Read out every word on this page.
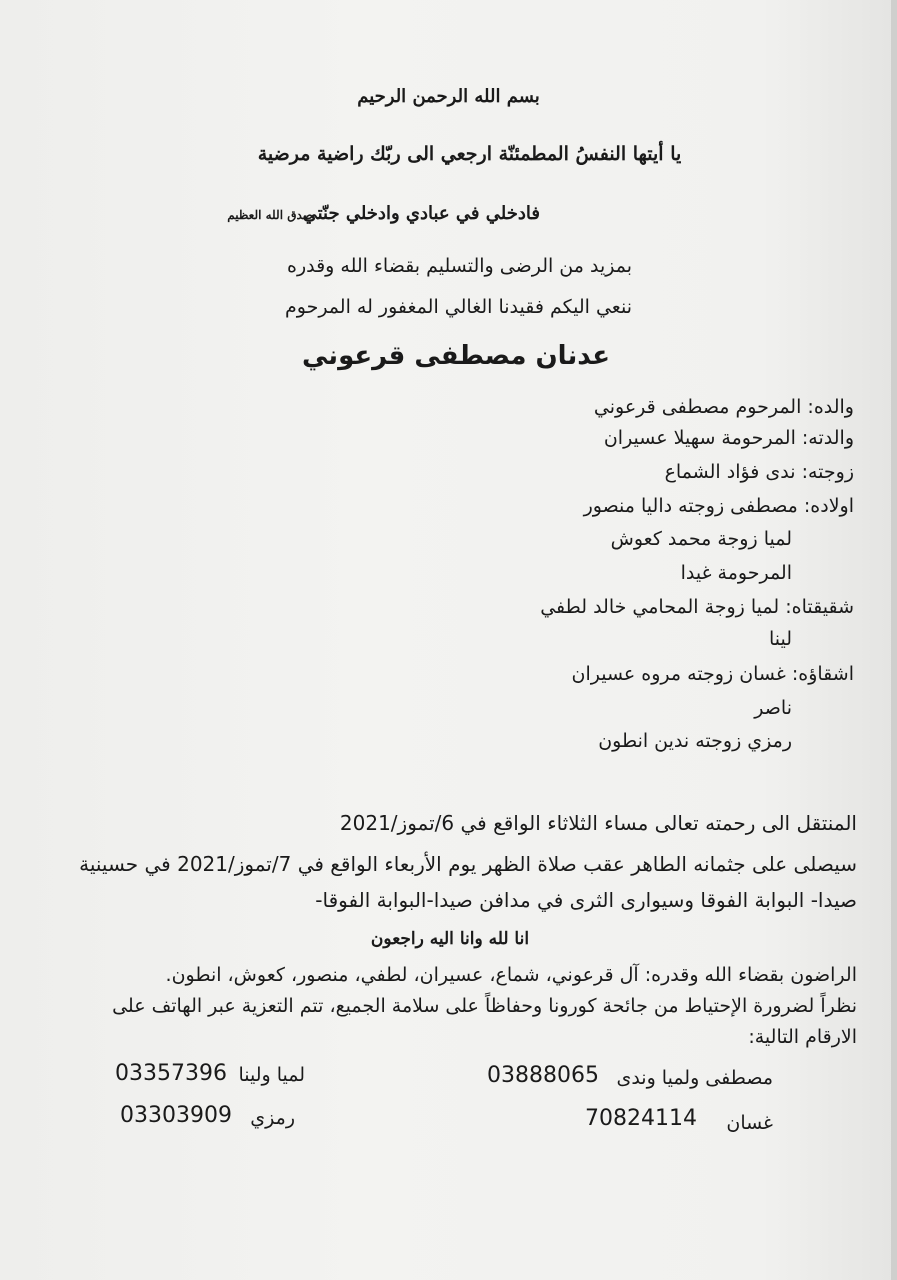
بسم الله الرحمن الرحيم
يا أيتها النفسُ المطمئنّة ارجعي الى ربّك راضية مرضية
فادخلي في عبادي وادخلي جنّتي
صدق الله العظيم
بمزيد من الرضى والتسليم بقضاء الله وقدره
ننعي اليكم فقيدنا الغالي المغفور له المرحوم
عدنان مصطفى قرعوني
والده: المرحوم مصطفى قرعوني
والدته: المرحومة سهيلا عسيران
زوجته: ندى فؤاد الشماع
اولاده: مصطفى زوجته داليا منصور
لميا زوجة محمد كعوش
المرحومة غيدا
شقيقتاه: لميا زوجة المحامي خالد لطفي
لينا
اشقاؤه: غسان زوجته مروه عسيران
ناصر
رمزي زوجته ندين انطون
المنتقل الى رحمته تعالى مساء الثلاثاء الواقع في 6/تموز/2021
سيصلى على جثمانه الطاهر عقب صلاة الظهر يوم الأربعاء الواقع في 7/تموز/2021 في حسينية
صيدا- البوابة الفوقا وسيوارى الثرى في مدافن صيدا-البوابة الفوقا-
انا لله وانا اليه راجعون
الراضون بقضاء الله وقدره: آل قرعوني، شماع، عسيران، لطفي، منصور، كعوش، انطون.
نظراً لضرورة الإحتياط من جائحة كورونا وحفاظاً على سلامة الجميع، تتم التعزية عبر الهاتف على
الارقام التالية:
مصطفى ولميا وندى
03888065
لميا ولينا
03357396
غسان
70824114
رمزي
03303909
